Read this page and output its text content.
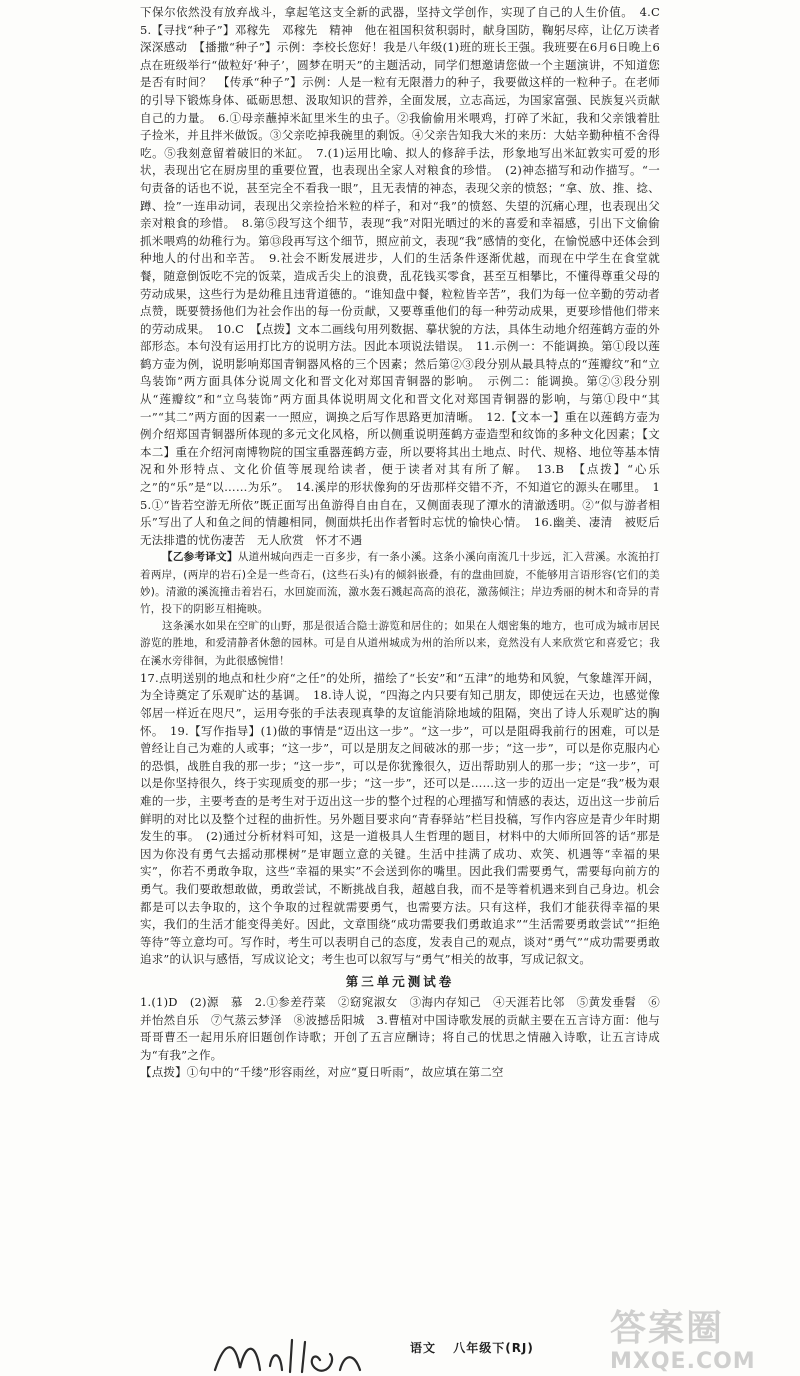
下保尔依然没有放弃战斗，拿起笔这支全新的武器，坚持文学创作，实现了自己的人生价值。　4.C　5.【寻找“种子”】邓稼先　邓稼先　精神　他在祖国积贫积弱时，献身国防，鞠躬尽瘁，让亿万读者深深感动　【播撒“种子”】示例：李校长您好！我是八年级(1)班的班长王强。我班要在6月6日晚上6点在班级举行“做粒好‘种子’，圆梦在明天”的主题活动，同学们想邀请您做一个主题演讲，不知道您是否有时间？　【传承“种子”】示例：人是一粒有无限潜力的种子，我要做这样的一粒种子。在老师的引导下锻炼身体、砥砺思想、汲取知识的营养，全面发展，立志高远，为国家富强、民族复兴贡献自己的力量。　6.①母亲蘸掉米缸里米生的虫子。②我偷偷用米喂鸡，打碎了米缸，我和父亲饿着肚子捡米，并且拌米做饭。③父亲吃掉我碗里的剩饭。④父亲告知我大米的来历：大姑辛勤种植不舍得吃。⑤我刻意留着破旧的米缸。　7.(1)运用比喻、拟人的修辞手法，形象地写出米缸敦实可爱的形状，表现出它在厨房里的重要位置，也表现出全家人对粮食的珍惜。　(2)神态描写和动作描写。“一句责备的话也不说，甚至完全不看我一眼”，且无表情的神态，表现父亲的愤怒；“拿、放、推、捻、蹲、捡”一连串动词，表现出父亲捡拾米粒的样子，和对“我”的愤怒、失望的沉痛心理，也表现出父亲对粮食的珍惜。　8.第⑤段写这个细节，表现“我”对阳光晒过的米的喜爱和幸福感，引出下文偷偷抓米喂鸡的幼稚行为。第⑬段再写这个细节，照应前文，表现“我”感情的变化，在愉悦感中还体会到种地人的付出和辛苦。　9.社会不断发展进步，人们的生活条件逐渐优越，而现在中学生在食堂就餐，随意倒饭吃不完的饭菜，造成舌尖上的浪费，乱花钱买零食，甚至互相攀比，不懂得尊重父母的劳动成果，这些行为是幼稚且违背道德的。“谁知盘中餐，粒粒皆辛苦”，我们为每一位辛勤的劳动者点赞，既要赞扬他们为社会作出的每一份贡献，又要尊重他们的每一种劳动成果，更要珍惜他们带来的劳动成果。　10.C　【点拨】文本二画线句用列数据、摹状貌的方法，具体生动地介绍莲鹤方壶的外部形态。本句没有运用打比方的说明方法。因此本项说法错误。　11.示例一：不能调换。第①段以莲鹤方壶为例，说明影响郑国青铜器风格的三个因素；然后第②③段分别从最具特点的“莲瓣纹”和“立鸟装饰”两方面具体分说周文化和晋文化对郑国青铜器的影响。　示例二：能调换。第②③段分别从“莲瓣纹”和“立鸟装饰”两方面具体说明周文化和晋文化对郑国青铜器的影响，与第①段中“其一”“其二”两方面的因素一一照应，调换之后写作思路更加清晰。　12.【文本一】重在以莲鹤方壶为例介绍郑国青铜器所体现的多元文化风格，所以侧重说明莲鹤方壶造型和纹饰的多种文化因素；【文本二】重在介绍河南博物院的国宝重器莲鹤方壶，所以要将其出土地点、时代、规格、地位等基本情况和外形特点、文化价值等展现给读者，便于读者对其有所了解。　13.B　【点拨】“心乐之”的“乐”是“以……为乐”。　14.溪岸的形状像狗的牙齿那样交错不齐，不知道它的源头在哪里。　15.①“皆若空游无所依”既正面写出鱼游得自由自在，又侧面表现了潭水的清澈透明。②“似与游者相乐”写出了人和鱼之间的情趣相同，侧面烘托出作者暂时忘忧的愉快心情。　16.幽美、凄清　被贬后无法排遣的忧伤凄苦　无人欣赏　怀才不遇

【乙参考译文】从道州城向西走一百多步，有一条小溪。这条小溪向南流几十步远，汇入营溪。水流拍打着两岸，(两岸的岩石)全是一些奇石，(这些石头)有的倾斜嵌叠，有的盘曲回旋，不能够用言语形容(它们的美妙)。清澈的溪流撞击着岩石，水回旋而流，激水轰石溅起高高的浪花，激荡倾注；岸边秀丽的树木和奇异的青竹，投下的阴影互相掩映。

这条溪水如果在空旷的山野，那是很适合隐士游览和居住的；如果在人烟密集的地方，也可成为城市居民游览的胜地，和爱清静者休憩的园林。可是自从道州城成为州的治所以来，竟然没有人来欣赏它和喜爱它；我在溪水旁徘徊，为此很感惋惜！

17.点明送别的地点和杜少府“之任”的处所，描绘了“长安”和“五津”的地势和风貌，气象雄浑开阔，为全诗奠定了乐观旷达的基调。　18.诗人说，“四海之内只要有知己朋友，即使远在天边，也感觉像邻居一样近在咫尺”，运用夸张的手法表现真挚的友谊能消除地域的阻隔，突出了诗人乐观旷达的胸怀。　19.【写作指导】(1)做的事情是“迈出这一步”。“这一步”，可以是阻碍我前行的困难，可以是曾经让自己为难的人或事；“这一步”，可以是朋友之间破冰的那一步；“这一步”，可以是你克服内心的恐惧，战胜自我的那一步；“这一步”，可以是你犹豫很久，迈出帮助别人的那一步；“这一步”，可以是你坚持很久，终于实现质变的那一步；“这一步”，还可以是……这一步的迈出一定是“我”极为艰难的一步，主要考查的是考生对于迈出这一步的整个过程的心理描写和情感的表达，迈出这一步前后鲜明的对比以及整个过程的曲折性。另外题目要求向“青春驿站”栏目投稿，写作内容应是青少年时期发生的事。　(2)通过分析材料可知，这是一道极具人生哲理的题目，材料中的大师所回答的话“那是因为你没有勇气去摇动那棵树”是审题立意的关键。生活中挂满了成功、欢笑、机遇等“幸福的果实”，你若不勇敢争取，这些“幸福的果实”不会送到你的嘴里。因此我们需要勇气，需要每向前方的勇气。我们要敢想敢做，勇敢尝试，不断挑战自我，超越自我，而不是等着机遇来到自己身边。机会都是可以去争取的，这个争取的过程就需要勇气，也需要方法。只有这样，我们才能获得幸福的果实，我们的生活才能变得美好。因此，文章围绕“成功需要我们勇敢追求”“生活需要勇敢尝试”“拒绝等待”等立意均可。写作时，考生可以表明自己的态度，发表自己的观点，谈对“勇气”“成功需要勇敢追求”的认识与感悟，写成议论文；考生也可以叙写与“勇气”相关的故事，写成记叙文。

第三单元测试卷

1.(1)D　(2)源　慕　2.①参差荇菜　②窈窕淑女　③海内存知己　④天涯若比邻　⑤黄发垂髫　⑥并怡然自乐　⑦气蒸云梦泽　⑧波撼岳阳城　3.曹植对中国诗歌发展的贡献主要在五言诗方面：他与哥哥曹丕一起用乐府旧题创作诗歌；开创了五言应酬诗；将自己的忧思之情融入诗歌，让五言诗成为“有我”之作。

【点拨】①句中的“千缕”形容雨丝，对应“夏日听雨”，故应填在第二空

语文 八年级下(RJ)	答案圈
MXQE.COM
